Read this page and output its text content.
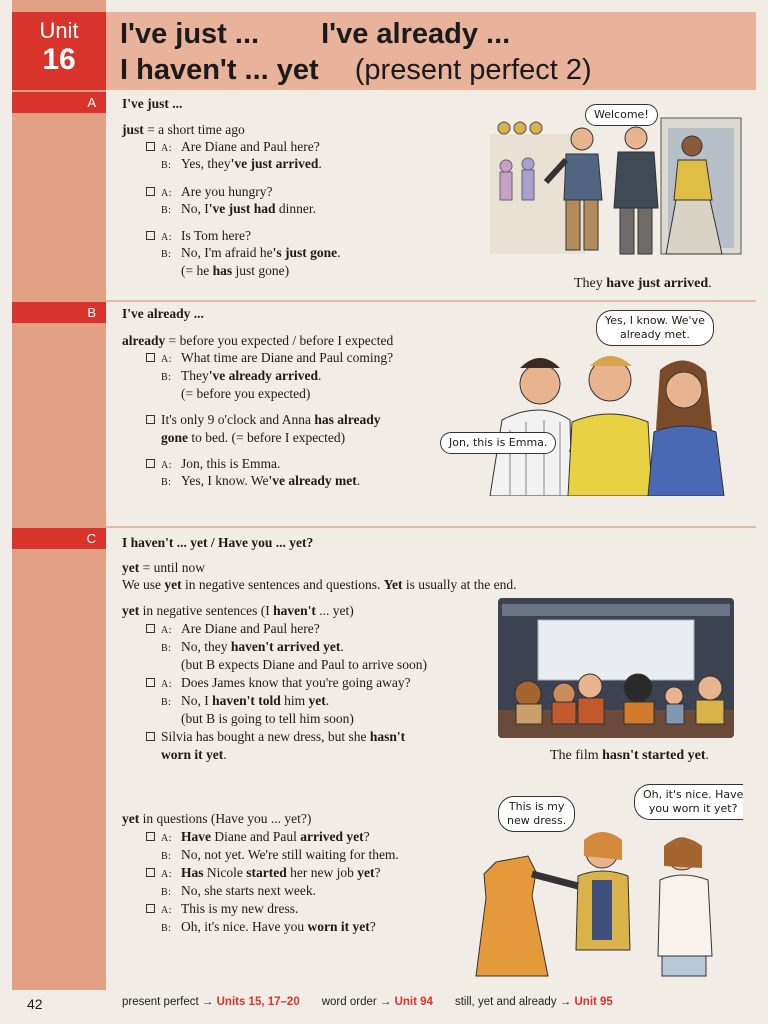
Unit
16
I've just ... I've already ...
I haven't ... yet (present perfect 2)
A	I've just ...
just = a short time ago
A: Are Diane and Paul here?
B: Yes, they've just arrived.
A: Are you hungry?
B: No, I've just had dinner.
A: Is Tom here?
B: No, I'm afraid he's just gone.
(= he has just gone)
Welcome!
They have just arrived.
B	I've already ...
already = before you expected / before I expected
A: What time are Diane and Paul coming?
B: They've already arrived.
(= before you expected)
It's only 9 o'clock and Anna has already
gone to bed. (= before I expected)
A: Jon, this is Emma.
B: Yes, I know. We've already met.
Yes, I know. We've
already met.
Jon, this is Emma.
C	I haven't ... yet / Have you ... yet?
yet = until now
We use yet in negative sentences and questions. Yet is usually at the end.
yet in negative sentences (I haven't ... yet)
A: Are Diane and Paul here?
B: No, they haven't arrived yet.
(but B expects Diane and Paul to arrive soon)
A: Does James know that you're going away?
B: No, I haven't told him yet.
(but B is going to tell him soon)
Silvia has bought a new dress, but she hasn't
worn it yet.	The film hasn't started yet.
yet in questions (Have you ... yet?)
A: Have Diane and Paul arrived yet?
B: No, not yet. We're still waiting for them.
A: Has Nicole started her new job yet?
B: No, she starts next week.
A: This is my new dress.
B: Oh, it's nice. Have you worn it yet?
This is my
new dress.
Oh, it's nice. Have
you worn it yet?
42	present perfect → Units 15, 17–20 word order → Unit 94 still, yet and already → Unit 95
